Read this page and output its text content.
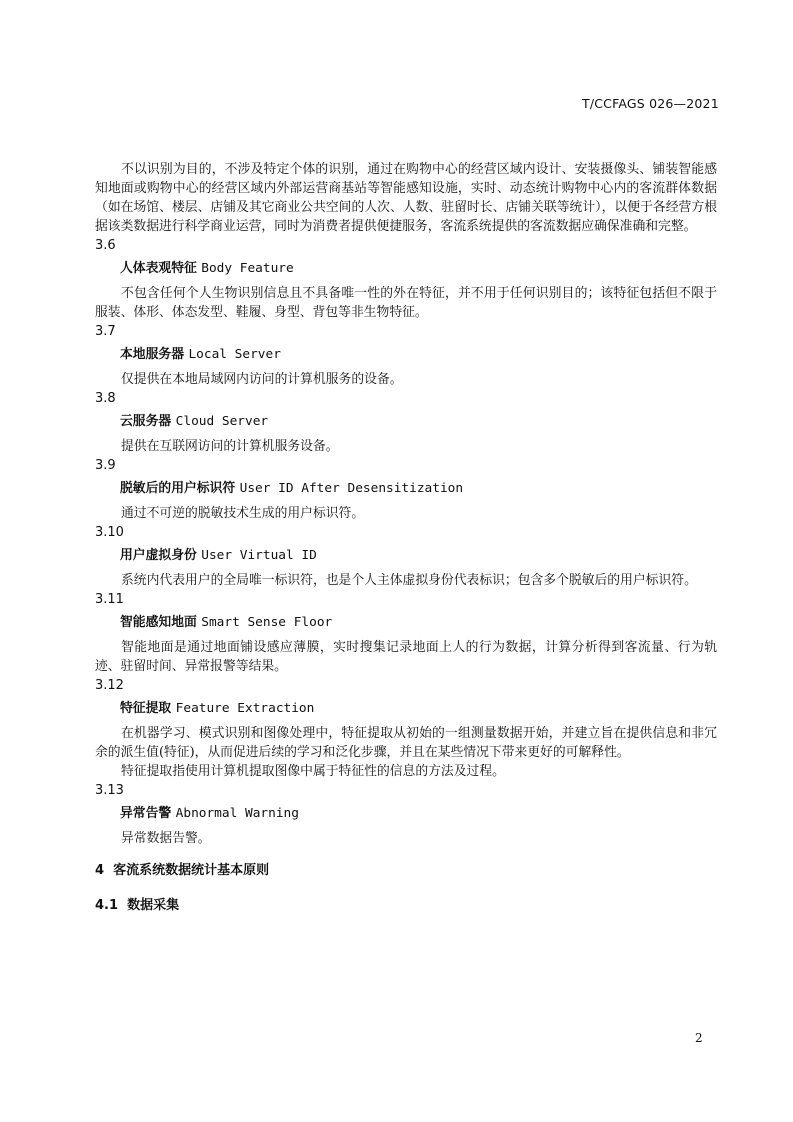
T/CCFAGS 026—2021

不以识别为目的，不涉及特定个体的识别，通过在购物中心的经营区域内设计、安装摄像头、铺装智能感知地面或购物中心的经营区域内外部运营商基站等智能感知设施，实时、动态统计购物中心内的客流群体数据 （如在场馆、楼层、店铺及其它商业公共空间的人次、人数、驻留时长、店铺关联等统计），以便于各经营方根据该类数据进行科学商业运营，同时为消费者提供便捷服务，客流系统提供的客流数据应确保准确和完整。

3.6
人体表观特征 Body Feature

不包含任何个人生物识别信息且不具备唯一性的外在特征，并不用于任何识别目的；该特征包括但不限于服装、体形、体态发型、鞋履、身型、背包等非生物特征。

3.7
本地服务器 Local Server

仅提供在本地局域网内访问的计算机服务的设备。

3.8
云服务器 Cloud Server

提供在互联网访问的计算机服务设备。

3.9
脱敏后的用户标识符 User ID After Desensitization

通过不可逆的脱敏技术生成的用户标识符。

3.10
用户虚拟身份 User Virtual ID

系统内代表用户的全局唯一标识符，也是个人主体虚拟身份代表标识；包含多个脱敏后的用户标识符。

3.11
智能感知地面 Smart Sense Floor

智能地面是通过地面铺设感应薄膜，实时搜集记录地面上人的行为数据，计算分析得到客流量、行为轨迹、驻留时间、异常报警等结果。

3.12
特征提取 Feature Extraction

在机器学习、模式识别和图像处理中，特征提取从初始的一组测量数据开始，并建立旨在提供信息和非冗余的派生值(特征)，从而促进后续的学习和泛化步骤，并且在某些情况下带来更好的可解释性。

特征提取指使用计算机提取图像中属于特征性的信息的方法及过程。

3.13
异常告警 Abnormal Warning

异常数据告警。

4 客流系统数据统计基本原则
4.1 数据采集
2
